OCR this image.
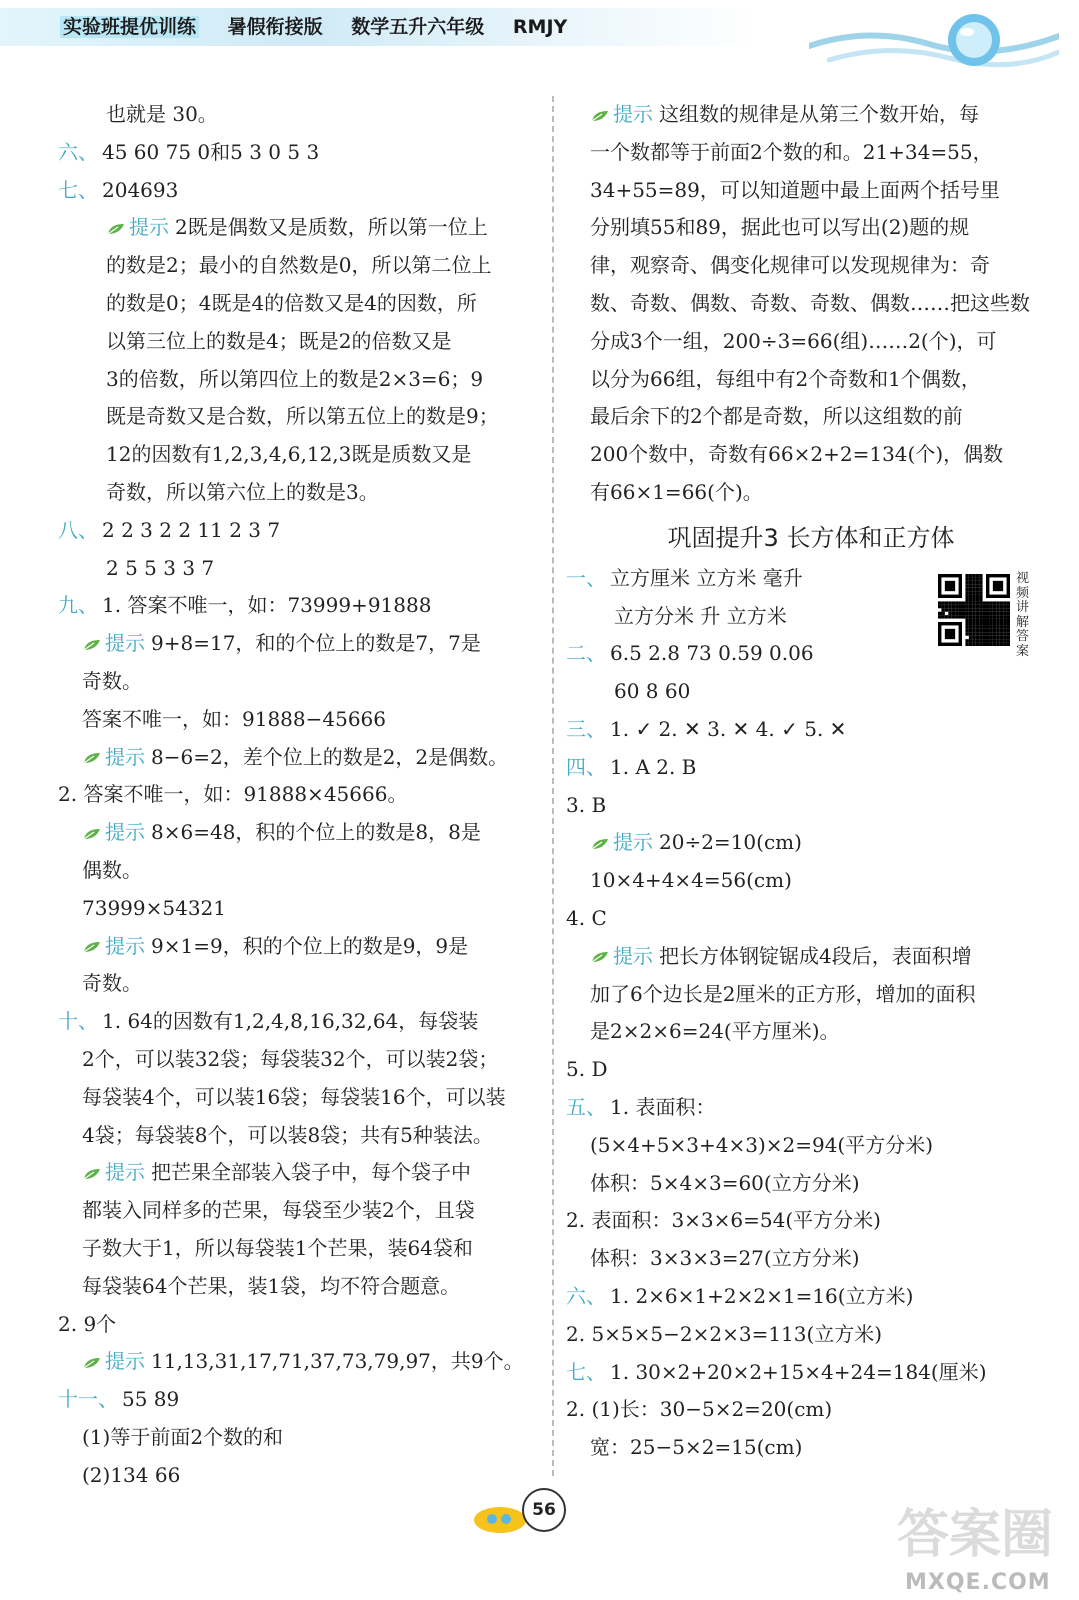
实验班提优训练 暑假衔接版 数学五升六年级 RMJY
也就是 30。
六、 45 60 75 0和5 3 0 5 3
七、 204693
提示 2既是偶数又是质数，所以第一位上
的数是2；最小的自然数是0，所以第二位上
的数是0；4既是4的倍数又是4的因数，所
以第三位上的数是4；既是2的倍数又是
3的倍数，所以第四位上的数是2×3=6；9
既是奇数又是合数，所以第五位上的数是9；
12的因数有1,2,3,4,6,12,3既是质数又是
奇数，所以第六位上的数是3。
八、 2 2 3 2 2 11 2 3 7
2 5 5 3 3 7
九、 1. 答案不唯一，如：73999+91888
提示 9+8=17，和的个位上的数是7，7是
奇数。
答案不唯一，如：91888−45666
提示 8−6=2，差个位上的数是2，2是偶数。
2. 答案不唯一，如：91888×45666。
提示 8×6=48，积的个位上的数是8，8是
偶数。
73999×54321
提示 9×1=9，积的个位上的数是9，9是
奇数。
十、 1. 64的因数有1,2,4,8,16,32,64，每袋装
2个，可以装32袋；每袋装32个，可以装2袋；
每袋装4个，可以装16袋；每袋装16个，可以装
4袋；每袋装8个，可以装8袋；共有5种装法。
提示 把芒果全部装入袋子中，每个袋子中
都装入同样多的芒果，每袋至少装2个，且袋
子数大于1，所以每袋装1个芒果，装64袋和
每袋装64个芒果，装1袋，均不符合题意。
2. 9个
提示 11,13,31,17,71,37,73,79,97，共9个。
十一、 55 89
(1)等于前面2个数的和
(2)134 66
提示 这组数的规律是从第三个数开始，每
一个数都等于前面2个数的和。21+34=55，
34+55=89，可以知道题中最上面两个括号里
分别填55和89，据此也可以写出(2)题的规
律，观察奇、偶变化规律可以发现规律为：奇
数、奇数、偶数、奇数、奇数、偶数……把这些数
分成3个一组，200÷3=66(组)……2(个)，可
以分为66组，每组中有2个奇数和1个偶数，
最后余下的2个都是奇数，所以这组数的前
200个数中，奇数有66×2+2=134(个)，偶数
有66×1=66(个)。
巩固提升3 长方体和正方体
一、 立方厘米 立方米 毫升
立方分米 升 立方米
二、 6.5 2.8 73 0.59 0.06
60 8 60
三、 1. ✓ 2. ✕ 3. ✕ 4. ✓ 5. ✕
四、 1. A 2. B
3. B
提示 20÷2=10(cm)
10×4+4×4=56(cm)
4. C
提示 把长方体钢锭锯成4段后，表面积增
加了6个边长是2厘米的正方形，增加的面积
是2×2×6=24(平方厘米)。
5. D
五、 1. 表面积：
(5×4+5×3+4×3)×2=94(平方分米)
体积：5×4×3=60(立方分米)
2. 表面积：3×3×6=54(平方分米)
体积：3×3×3=27(立方分米)
六、 1. 2×6×1+2×2×1=16(立方米)
2. 5×5×5−2×2×3=113(立方米)
七、 1. 30×2+20×2+15×4+24=184(厘米)
2. (1)长：30−5×2=20(cm)
宽：25−5×2=15(cm)
视频讲解答案
56	答案圈
MXQE.COM
